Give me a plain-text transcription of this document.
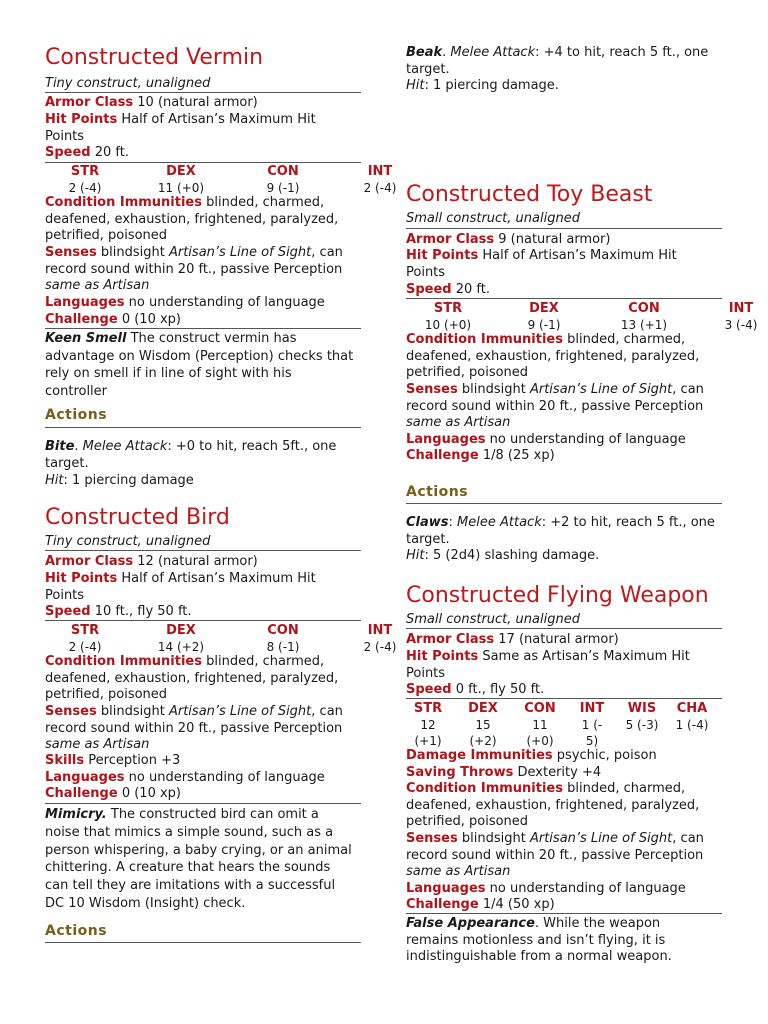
Constructed Vermin
Tiny construct, unaligned
Armor Class 10 (natural armor)
Hit Points Half of Artisan’s Maximum Hit Points
Speed 20 ft.
STR
2 (-4)
DEX
11 (+0)
CON
9 (-1)
INT
2 (-4)
Condition Immunities blinded, charmed, deafened, exhaustion, frightened, paralyzed, petrified, poisoned
Senses blindsight Artisan’s Line of Sight, can record sound within 20 ft., passive Perception same as Artisan
Languages no understanding of language
Challenge 0 (10 xp)
Keen Smell The construct vermin has advantage on Wisdom (Perception) checks that rely on smell if in line of sight with his controller
Actions
Bite. Melee Attack: +0 to hit, reach 5ft., one target.
Hit: 1 piercing damage
Constructed Bird
Tiny construct, unaligned
Armor Class 12 (natural armor)
Hit Points Half of Artisan’s Maximum Hit Points
Speed 10 ft., fly 50 ft.
STR
2 (-4)
DEX
14 (+2)
CON
8 (-1)
INT
2 (-4)
Condition Immunities blinded, charmed, deafened, exhaustion, frightened, paralyzed, petrified, poisoned
Senses blindsight Artisan’s Line of Sight, can record sound within 20 ft., passive Perception same as Artisan
Skills Perception +3
Languages no understanding of language
Challenge 0 (10 xp)
Mimicry. The constructed bird can omit a noise that mimics a simple sound, such as a person whispering, a baby crying, or an animal chittering. A creature that hears the sounds can tell they are imitations with a successful DC 10 Wisdom (Insight) check.
Actions
Beak. Melee Attack: +4 to hit, reach 5 ft., one target.
Hit: 1 piercing damage.
Constructed Toy Beast
Small construct, unaligned
Armor Class 9 (natural armor)
Hit Points Half of Artisan’s Maximum Hit Points
Speed 20 ft.
STR
10 (+0)
DEX
9 (-1)
CON
13 (+1)
INT
3 (-4)
Condition Immunities blinded, charmed, deafened, exhaustion, frightened, paralyzed, petrified, poisoned
Senses blindsight Artisan’s Line of Sight, can record sound within 20 ft., passive Perception same as Artisan
Languages no understanding of language
Challenge 1/8 (25 xp)
Actions
Claws: Melee Attack: +2 to hit, reach 5 ft., one target.
Hit: 5 (2d4) slashing damage.
Constructed Flying Weapon
Small construct, unaligned
Armor Class 17 (natural armor)
Hit Points Same as Artisan’s Maximum Hit Points
Speed 0 ft., fly 50 ft.
STR
12
(+1)
DEX
15
(+2)
CON
11
(+0)
INT
1 (-
5)
WIS
5 (-3)
CHA
1 (-4)
Damage Immunities psychic, poison
Saving Throws Dexterity +4
Condition Immunities blinded, charmed, deafened, exhaustion, frightened, paralyzed, petrified, poisoned
Senses blindsight Artisan’s Line of Sight, can record sound within 20 ft., passive Perception same as Artisan
Languages no understanding of language
Challenge 1/4 (50 xp)
False Appearance. While the weapon remains motionless and isn’t flying, it is indistinguishable from a normal weapon.
